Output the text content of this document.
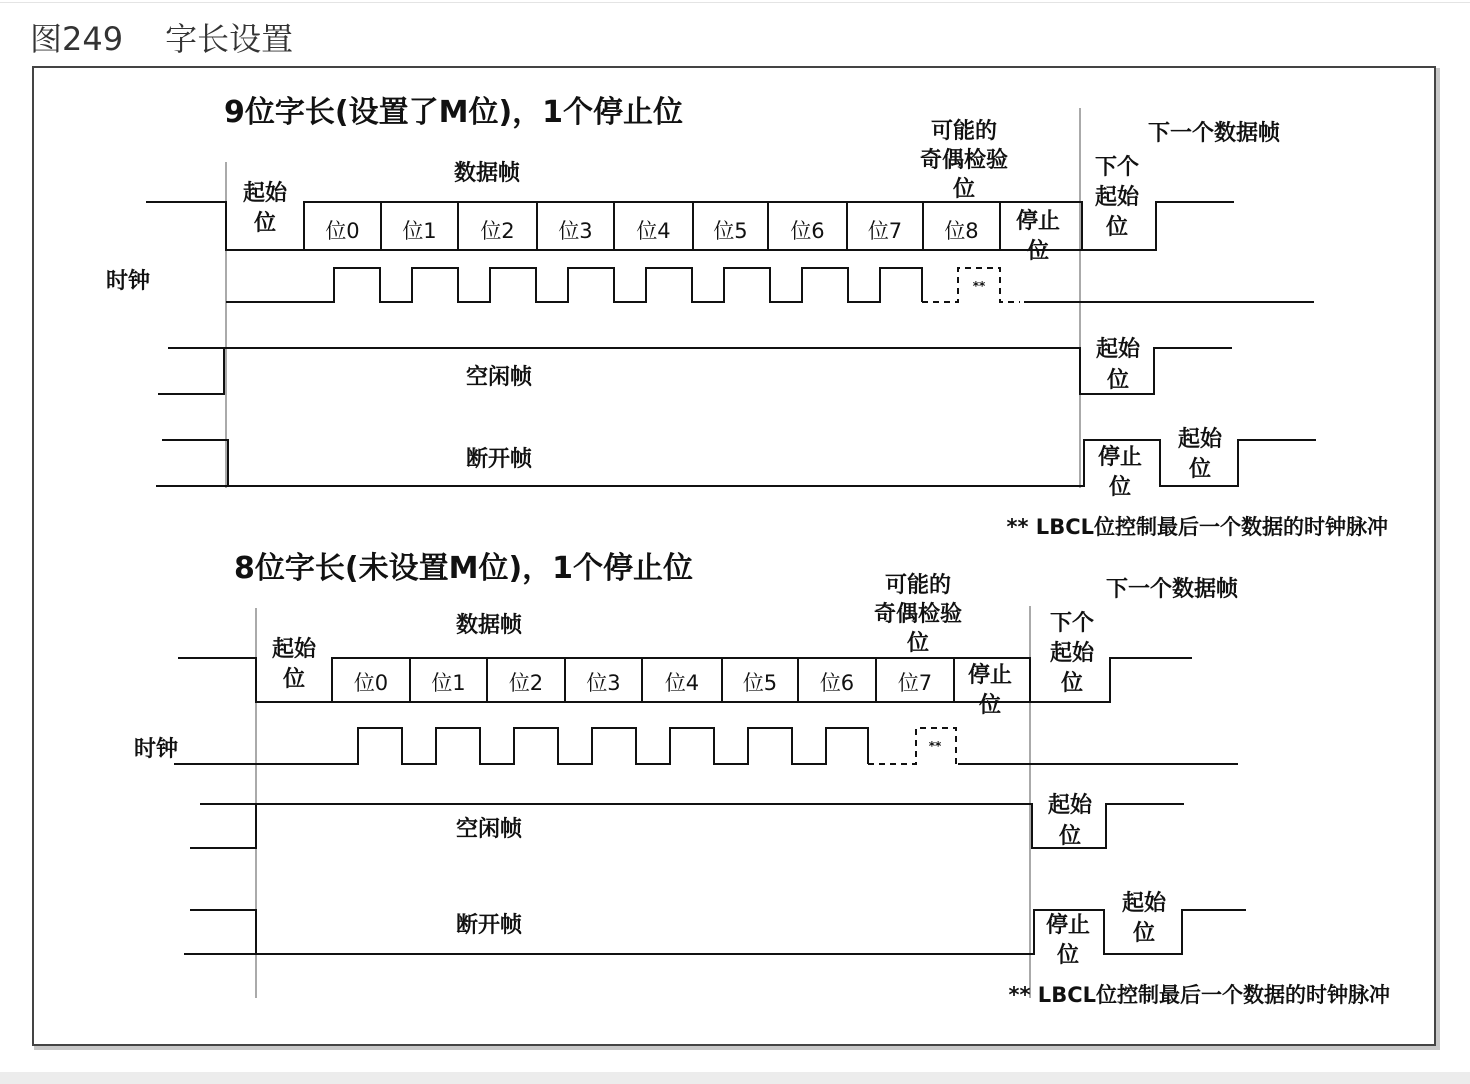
图249 字长设置
9位字长(设置了M位)，1个停止位
数据帧
可能的
奇偶检验
位
下一个数据帧
起始
位 位0 位1 位2 位3 位4 位5 位6 位7 位8 停止
位
下个
起始
位
时钟	**
空闲帧
起始
位
断开帧	停止
位
起始
位
** LBCL位控制最后一个数据的时钟脉冲
8位字长(未设置M位)，1个停止位
数据帧
可能的
奇偶检验
位
下一个数据帧
起始
位 位0 位1 位2 位3 位4 位5 位6 位7 停止
位
下个
起始
位
时钟	**
空闲帧
起始
位
断开帧	停止
位
起始
位
** LBCL位控制最后一个数据的时钟脉冲
